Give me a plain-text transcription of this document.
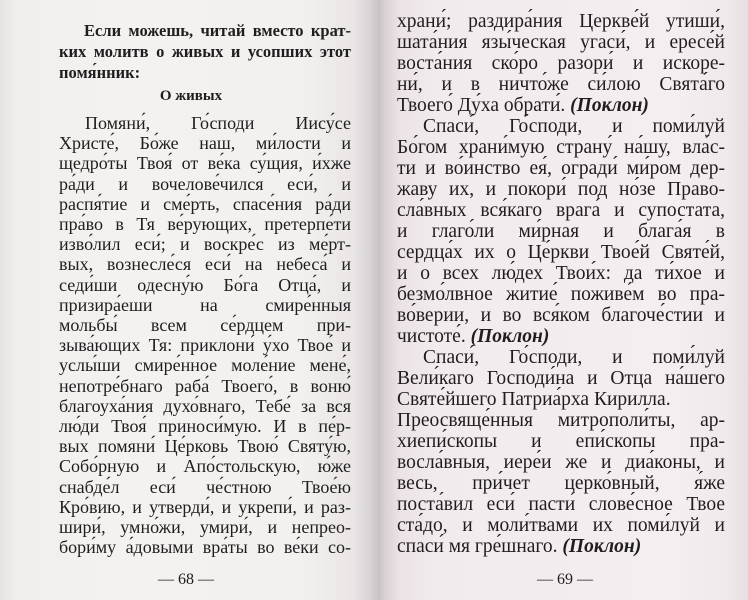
Если можешь, читай вместо крат-
ких молитв о живых и усопших этот
помя́нник:
О живых
Помяни́, Го́споди Иису́се
Христе́, Бо́же наш, ми́лости и
щедро́ты Твоя́ от ве́ка су́щия, и́хже
ра́ди и вочелове́чился еси́, и
распя́тие и сме́рть, спасе́ния ра́ди
пра́во в Тя ве́рующих, претерпе́ти
изво́лил еси́; и воскре́с из ме́рт-
вых, вознесле́ся еси́ на небеса́ и
седи́ши одесну́ю Бо́га Отца́, и
призира́еши на смире́нныя
мольбы́ всем се́рдцем при-
зыва́ющих Тя: приклони́ у́хо Твое́ и
услы́ши смире́нное моле́ние мене́,
непотре́бнаго раба́ Твоего́, в воню́
благоуха́ния духо́внаго, Тебе́ за вся
лю́ди Твоя́ приноси́мую. И в пе́р-
вых помяни́ Це́рковь Твою́ Святу́ю,
Собо́рную и Апо́стольскую, ю́же
снабде́л еси́ че́стною Твое́ю
Кро́вию, и утверди́, и укрепи́, и раз-
шири́, умно́жи, умири́, и непрео-
бори́му а́довыми вра́ты во ве́ки со-
— 68 —
храни́; раздира́ния Церкве́й утиши́,
шата́ния язы́ческая угаси́, и ересе́й
воста́ния ско́ро разори́ и искоре-
ни́, и в ничто́же си́лою Свята́го
Твоего́ Ду́ха обрати́. (Поклон)
Спаси́, Го́споди, и поми́луй
Бо́гом храни́мую страну́ на́шу, вла́с-
ти и во́инство ея́, огради́ ми́ром дер-
жаву их, и покори́ под но́зе Право-
сла́вных вся́каго врага́ и супостата,
и глаго́ли ми́рная и блага́я в
сердца́х их о Це́ркви Твое́й Святе́й,
и о всех лю́дех Твои́х: да ти́хое и
безмо́лвное житие́ поживе́м во пра-
во́верии, и во вся́ком благоче́стии и
чистоте́. (Поклон)
Спаси́, Го́споди, и поми́луй
Вели́каго Господи́на и Отца на́шего
Святе́йшего Патриа́рха Кирилла.
Преосвяще́нныя митрополи́ты, ар-
хиепи́скопы и епи́скопы пра-
восла́вныя, иере́и же и диа́коны, и
весь, при́чет церко́вный, я́же
поста́вил еси́ пасти́ слове́сное Твое
ста́до, и моли́твами их поми́луй и
спаси́ мя гре́шнаго. (Поклон)
— 69 —
